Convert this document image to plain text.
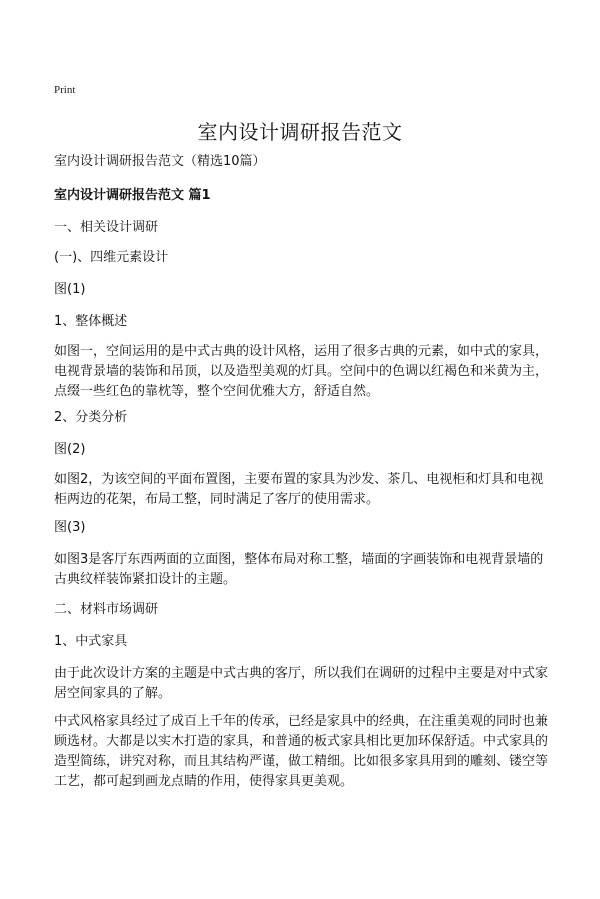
Print
室内设计调研报告范文

室内设计调研报告范文（精选10篇）

室内设计调研报告范文 篇1

一、相关设计调研

(一)、四维元素设计

图(1)

1、整体概述

如图一，空间运用的是中式古典的设计风格，运用了很多古典的元素，如中式的家具，电视背景墙的装饰和吊顶，以及造型美观的灯具。空间中的色调以红褐色和米黄为主，点缀一些红色的靠枕等，整个空间优雅大方，舒适自然。

2、分类分析

图(2)

如图2，为该空间的平面布置图，主要布置的家具为沙发、茶几、电视柜和灯具和电视柜两边的花架，布局工整，同时满足了客厅的使用需求。

图(3)

如图3是客厅东西两面的立面图，整体布局对称工整，墙面的字画装饰和电视背景墙的古典纹样装饰紧扣设计的主题。

二、材料市场调研

1、中式家具

由于此次设计方案的主题是中式古典的客厅，所以我们在调研的过程中主要是对中式家居空间家具的了解。

中式风格家具经过了成百上千年的传承，已经是家具中的经典，在注重美观的同时也兼顾选材。大都是以实木打造的家具，和普通的板式家具相比更加环保舒适。中式家具的造型简练，讲究对称，而且其结构严谨，做工精细。比如很多家具用到的雕刻、镂空等工艺，都可起到画龙点睛的作用，使得家具更美观。
